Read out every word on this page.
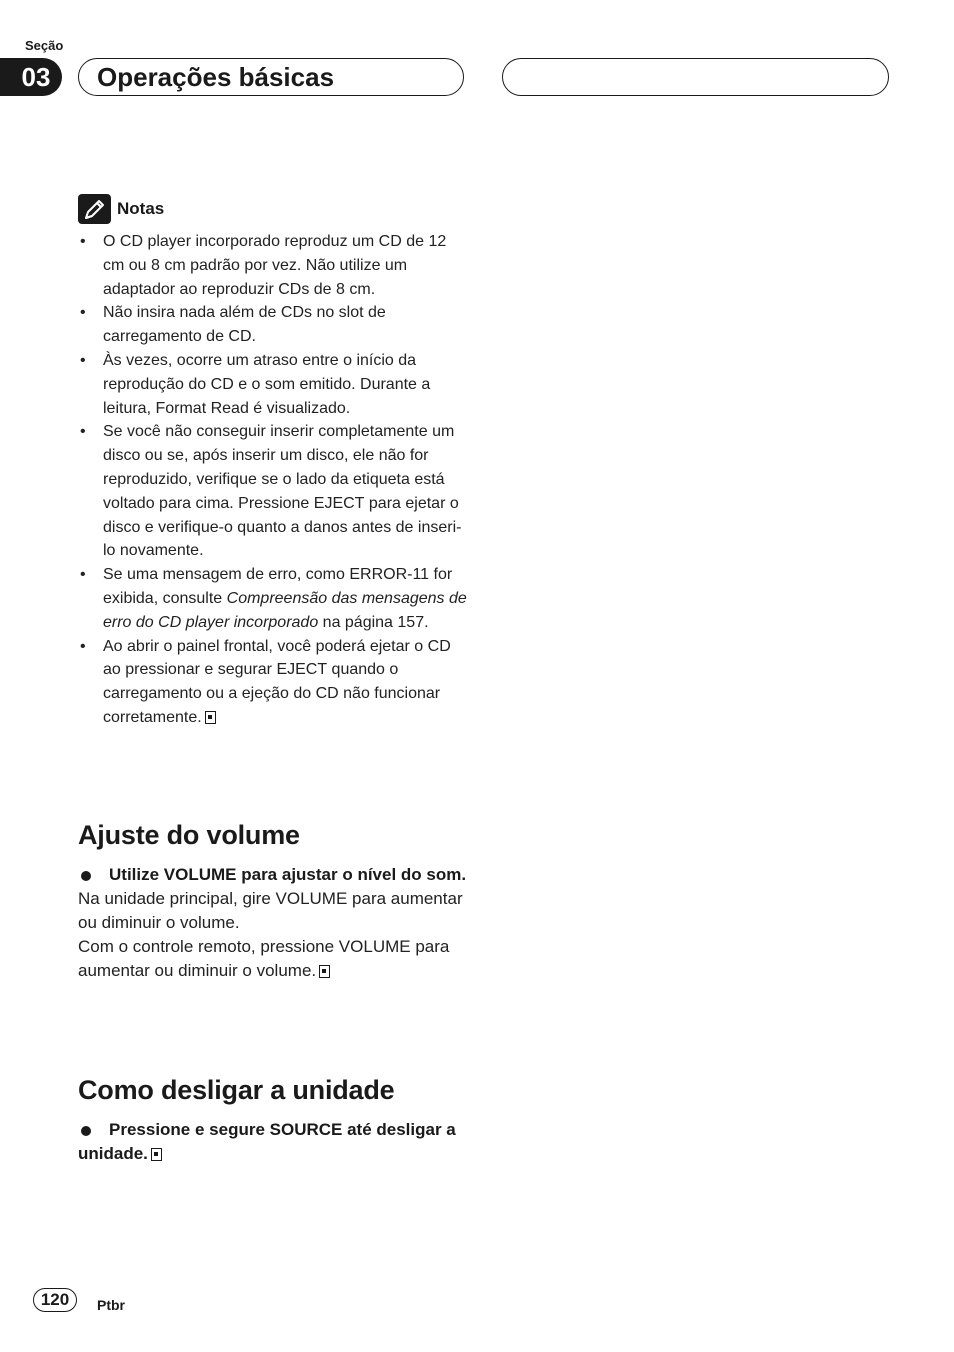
Seção
03	Operações básicas
Notas
• O CD player incorporado reproduz um CD de 12 cm ou 8 cm padrão por vez. Não utilize um adaptador ao reproduzir CDs de 8 cm.
• Não insira nada além de CDs no slot de carregamento de CD.
• Às vezes, ocorre um atraso entre o início da reprodução do CD e o som emitido. Durante a leitura, Format Read é visualizado.
• Se você não conseguir inserir completamente um disco ou se, após inserir um disco, ele não for reproduzido, verifique se o lado da etiqueta está voltado para cima. Pressione EJECT para ejetar o disco e verifique-o quanto a danos antes de inseri-lo novamente.
• Se uma mensagem de erro, como ERROR-11 for exibida, consulte Compreensão das mensagens de erro do CD player incorporado na página 157.
• Ao abrir o painel frontal, você poderá ejetar o CD ao pressionar e segurar EJECT quando o carregamento ou a ejeção do CD não funcionar corretamente.
Ajuste do volume

Utilize VOLUME para ajustar o nível do som.

Na unidade principal, gire VOLUME para aumentar ou diminuir o volume.

Com o controle remoto, pressione VOLUME para aumentar ou diminuir o volume.

Como desligar a unidade

Pressione e segure SOURCE até desligar a unidade.

120	Ptbr
